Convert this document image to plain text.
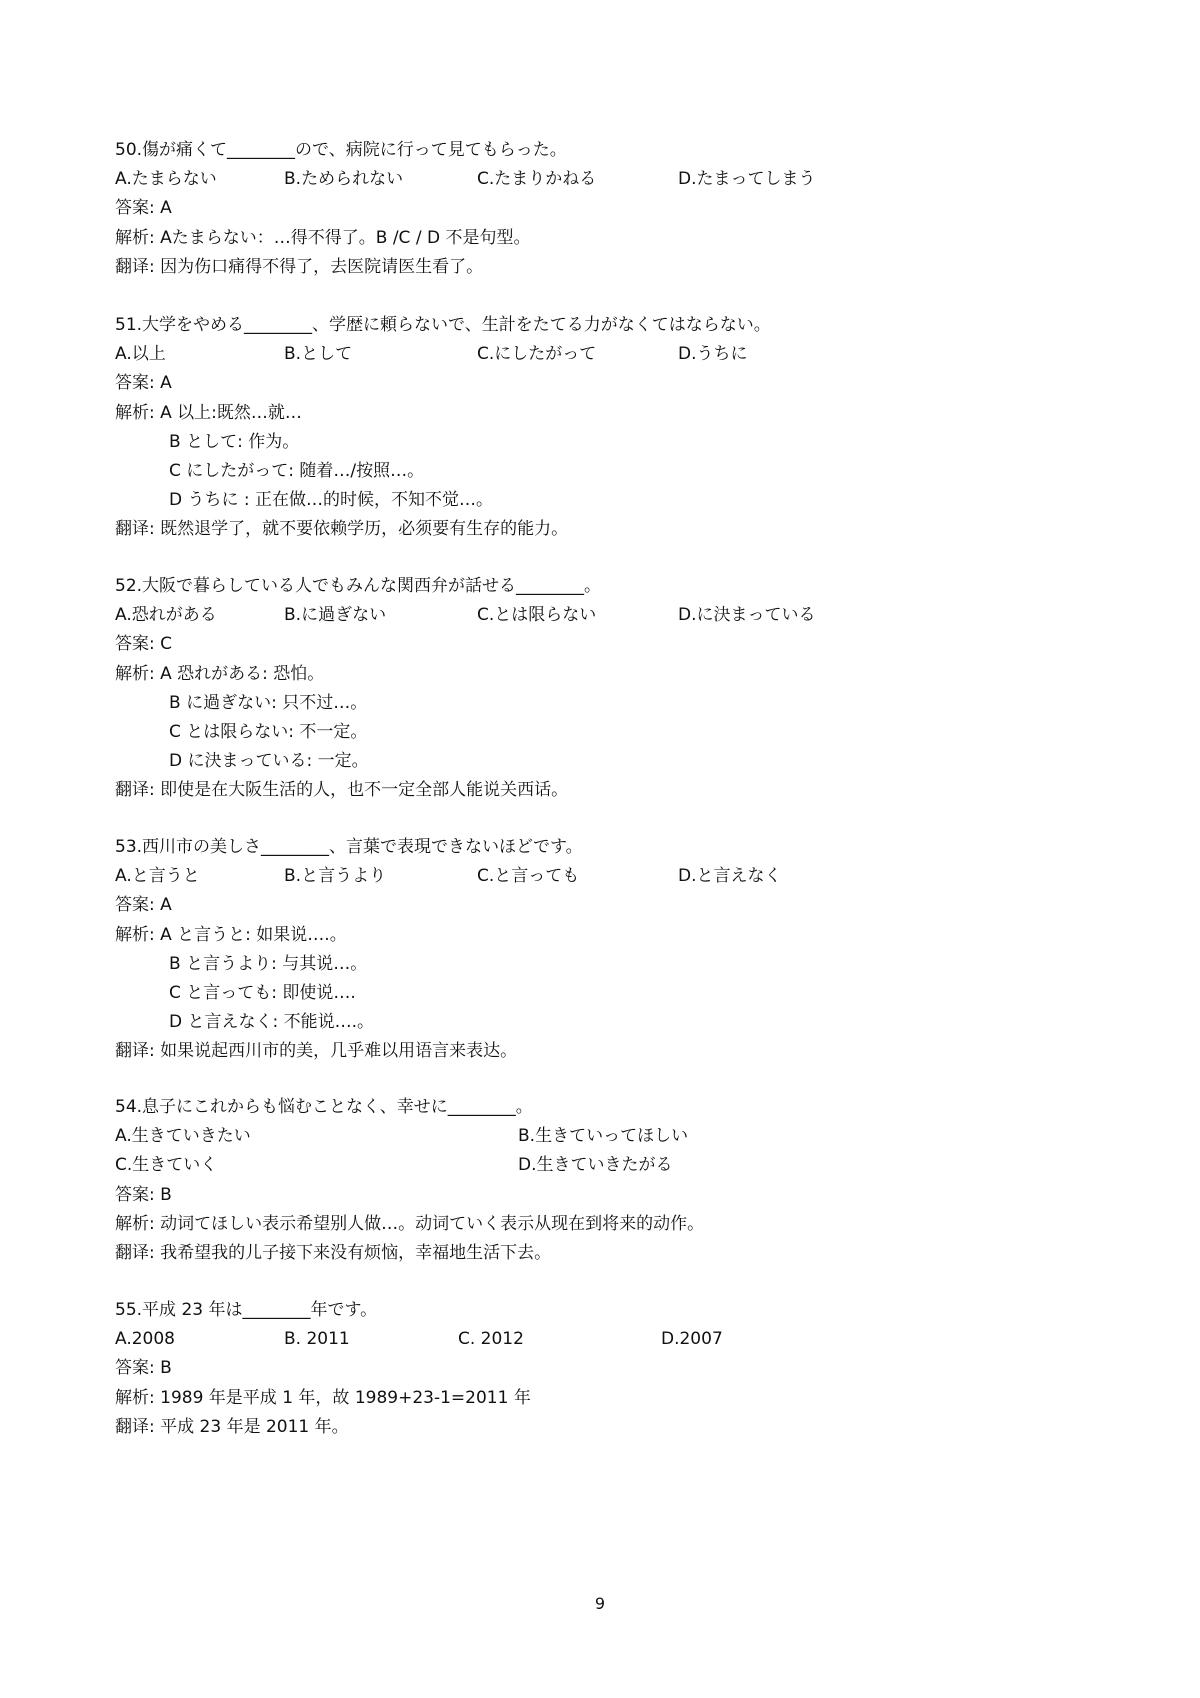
50.傷が痛くて________ので、病院に行って見てもらった。
A.たまらない	B.ためられない	C.たまりかねる	D.たまってしまう
答案: A
解析: Aたまらない：…得不得了。B /C / D 不是句型。
翻译: 因为伤口痛得不得了，去医院请医生看了。
51.大学をやめる________、学歴に頼らないで、生計をたてる力がなくてはならない。
A.以上	B.として	C.にしたがって	D.うちに
答案: A
解析: A 以上:既然…就…
B として: 作为。
C にしたがって: 随着…/按照…。
D うちに : 正在做…的时候，不知不觉…。
翻译: 既然退学了，就不要依赖学历，必须要有生存的能力。
52.大阪で暮らしている人でもみんな関西弁が話せる________。
A.恐れがある	B.に過ぎない	C.とは限らない	D.に決まっている
答案: C
解析: A 恐れがある: 恐怕。
B に過ぎない: 只不过…。
C とは限らない: 不一定。
D に決まっている: 一定。
翻译: 即使是在大阪生活的人，也不一定全部人能说关西话。
53.西川市の美しさ________、言葉で表現できないほどです。
A.と言うと	B.と言うより	C.と言っても	D.と言えなく
答案: A
解析: A と言うと: 如果说….。
B と言うより: 与其说…。
C と言っても: 即使说….
D と言えなく: 不能说….。
翻译: 如果说起西川市的美，几乎难以用语言来表达。
54.息子にこれからも悩むことなく、幸せに________。
A.生きていきたい	B.生きていってほしい
C.生きていく	D.生きていきたがる
答案: B
解析: 动词てほしい表示希望别人做…。动词ていく表示从现在到将来的动作。
翻译: 我希望我的儿子接下来没有烦恼，幸福地生活下去。
55.平成 23 年は________年です。
A.2008	B. 2011	C. 2012	D.2007
答案: B
解析: 1989 年是平成 1 年，故 1989+23-1=2011 年
翻译: 平成 23 年是 2011 年。
9
